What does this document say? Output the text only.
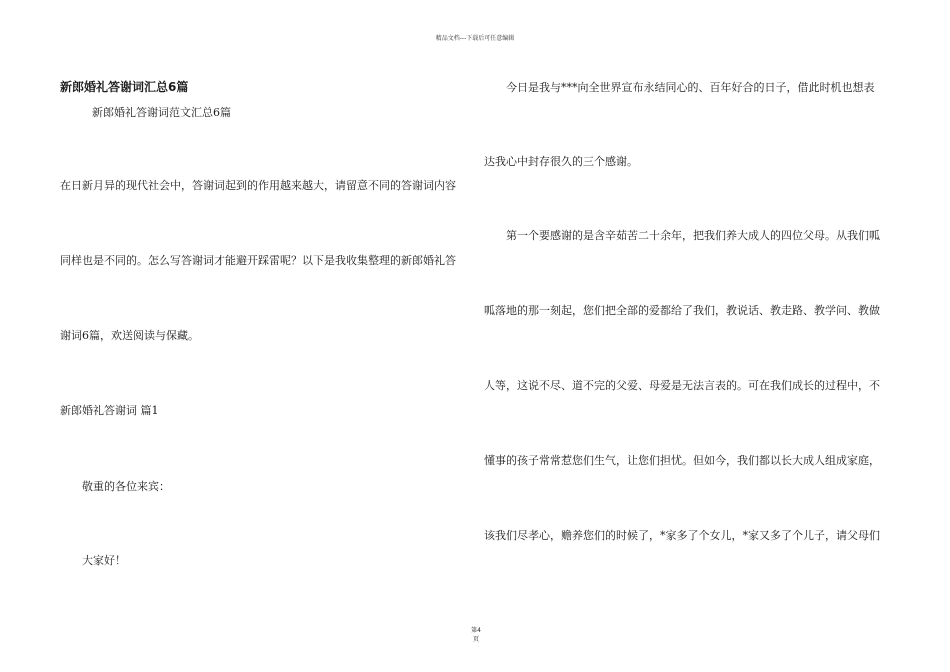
精品文档---下载后可任意编辑
新郎婚礼答谢词汇总6篇
新郎婚礼答谢词范文汇总6篇
在日新月异的现代社会中，答谢词起到的作用越来越大，请留意不同的答谢词内容
同样也是不同的。怎么写答谢词才能避开踩雷呢？以下是我收集整理的新郎婚礼答
谢词6篇，欢送阅读与保藏。
新郎婚礼答谢词 篇1
敬重的各位来宾：
大家好！
今日是我与***向全世界宣布永结同心的、百年好合的日子，借此时机也想表
达我心中封存很久的三个感谢。
第一个要感谢的是含辛茹苦二十余年，把我们养大成人的四位父母。从我们呱
呱落地的那一刻起，您们把全部的爱都给了我们，教说话、教走路、教学问、教做
人等，这说不尽、道不完的父爱、母爱是无法言表的。可在我们成长的过程中，不
懂事的孩子常常惹您们生气，让您们担忧。但如今，我们都以长大成人组成家庭，
该我们尽孝心，赡养您们的时候了，*家多了个女儿，*家又多了个儿子，请父母们
第4
页
